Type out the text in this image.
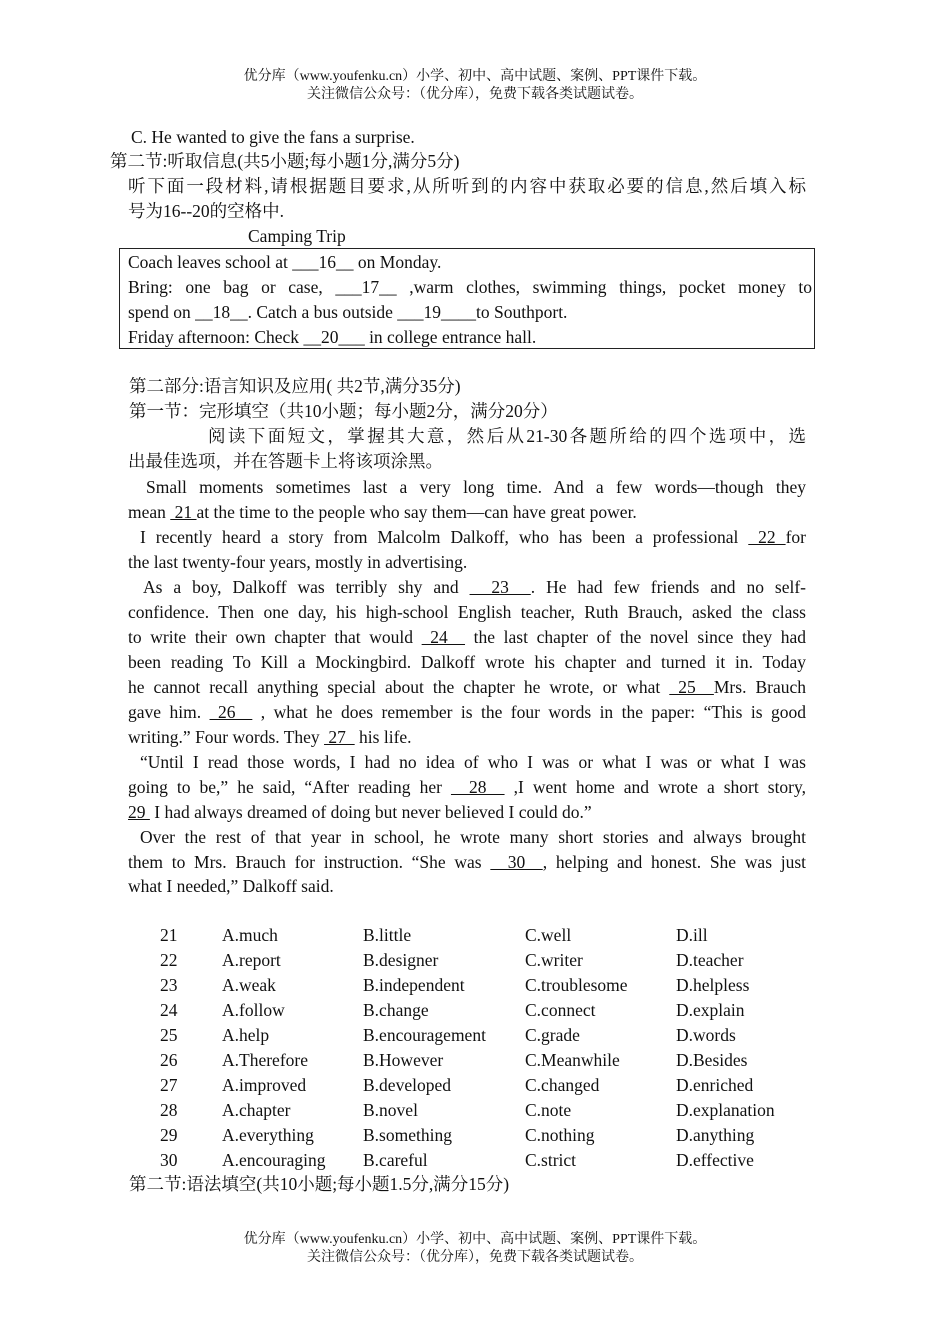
优分库（www.youfenku.cn）小学、初中、高中试题、案例、PPT课件下载。
关注微信公众号：（优分库），免费下载各类试题试卷。
C. He wanted to give the fans a surprise.
第二节:听取信息(共5小题;每小题1分,满分5分)
听下面一段材料,请根据题目要求,从所听到的内容中获取必要的信息,然后填入标
号为16--20的空格中.
Camping Trip
Coach leaves school at ___16__ on Monday.
Bring: one bag or case, ___17__ ,warm clothes, swimming things, pocket money to
spend on __18__. Catch a bus outside ___19____to Southport.
Friday afternoon: Check __20___ in college entrance hall.
第二部分:语言知识及应用( 共2节,满分35分)
第一节：完形填空（共10小题；每小题2分，满分20分）
阅读下面短文，掌握其大意，然后从21-30各题所给的四个选项中，选
出最佳选项，并在答题卡上将该项涂黑。
Small moments sometimes last a very long time. And a few words—though they
mean  21 at the time to the people who say them—can have great power.
I recently heard a story from Malcolm Dalkoff, who has been a professional  22 for
the last twenty-four years, mostly in advertising.
As a boy, Dalkoff was terribly shy and   23  . He had few friends and no self-
confidence. Then one day, his high-school English teacher, Ruth Brauch, asked the class
to write their own chapter that would  24   the last chapter of the novel since they had
been reading To Kill a Mockingbird. Dalkoff wrote his chapter and turned it in. Today
he cannot recall anything special about the chapter he wrote, or what  25  Mrs. Brauch
gave him.  26   , what he does remember is the four words in the paper: “This is good
writing.” Four words. They  27   his life.
“Until I read those words, I had no idea of who I was or what I was or what I was
going to be,” he said, “After reading her   28   ,I went home and wrote a short story,
29  I had always dreamed of doing but never believed I could do.”
Over the rest of that year in school, he wrote many short stories and always brought
them to Mrs. Brauch for instruction. “She was   30  , helping and honest. She was just
what I needed,” Dalkoff said.
21	A.much	B.little	C.well	D.ill
22	A.report	B.designer	C.writer	D.teacher
23	A.weak	B.independent	C.troublesome	D.helpless
24	A.follow	B.change	C.connect	D.explain
25	A.help	B.encouragement C.grade	D.words
26	A.Therefore	B.However	C.Meanwhile	D.Besides
27	A.improved	B.developed	C.changed	D.enriched
28	A.chapter	B.novel	C.note	D.explanation
29	A.everything	B.something	C.nothing	D.anything
30	A.encouraging B.careful	C.strict	D.effective
第二节:语法填空(共10小题;每小题1.5分,满分15分)
优分库（www.youfenku.cn）小学、初中、高中试题、案例、PPT课件下载。
关注微信公众号：（优分库），免费下载各类试题试卷。
